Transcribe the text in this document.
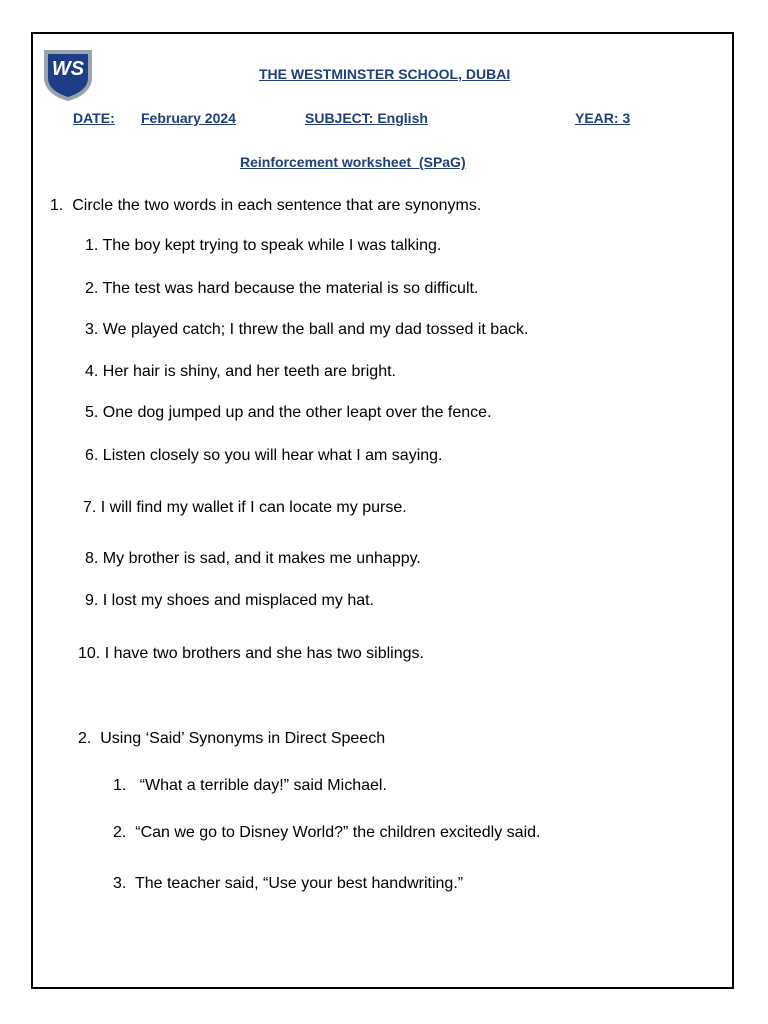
WS	THE WESTMINSTER SCHOOL, DUBAI
DATE: February 2024	SUBJECT: English	YEAR: 3
Reinforcement worksheet  (SPaG)
1.  Circle the two words in each sentence that are synonyms.
1. The boy kept trying to speak while I was talking.
2. The test was hard because the material is so difficult.
3. We played catch; I threw the ball and my dad tossed it back.
4. Her hair is shiny, and her teeth are bright.
5. One dog jumped up and the other leapt over the fence.
6. Listen closely so you will hear what I am saying.
7. I will find my wallet if I can locate my purse.
8. My brother is sad, and it makes me unhappy.
9. I lost my shoes and misplaced my hat.
10. I have two brothers and she has two siblings.
2.  Using ‘Said’ Synonyms in Direct Speech
1.   “What a terrible day!” said Michael.
2.  “Can we go to Disney World?” the children excitedly said.
3.  The teacher said, “Use your best handwriting.”
